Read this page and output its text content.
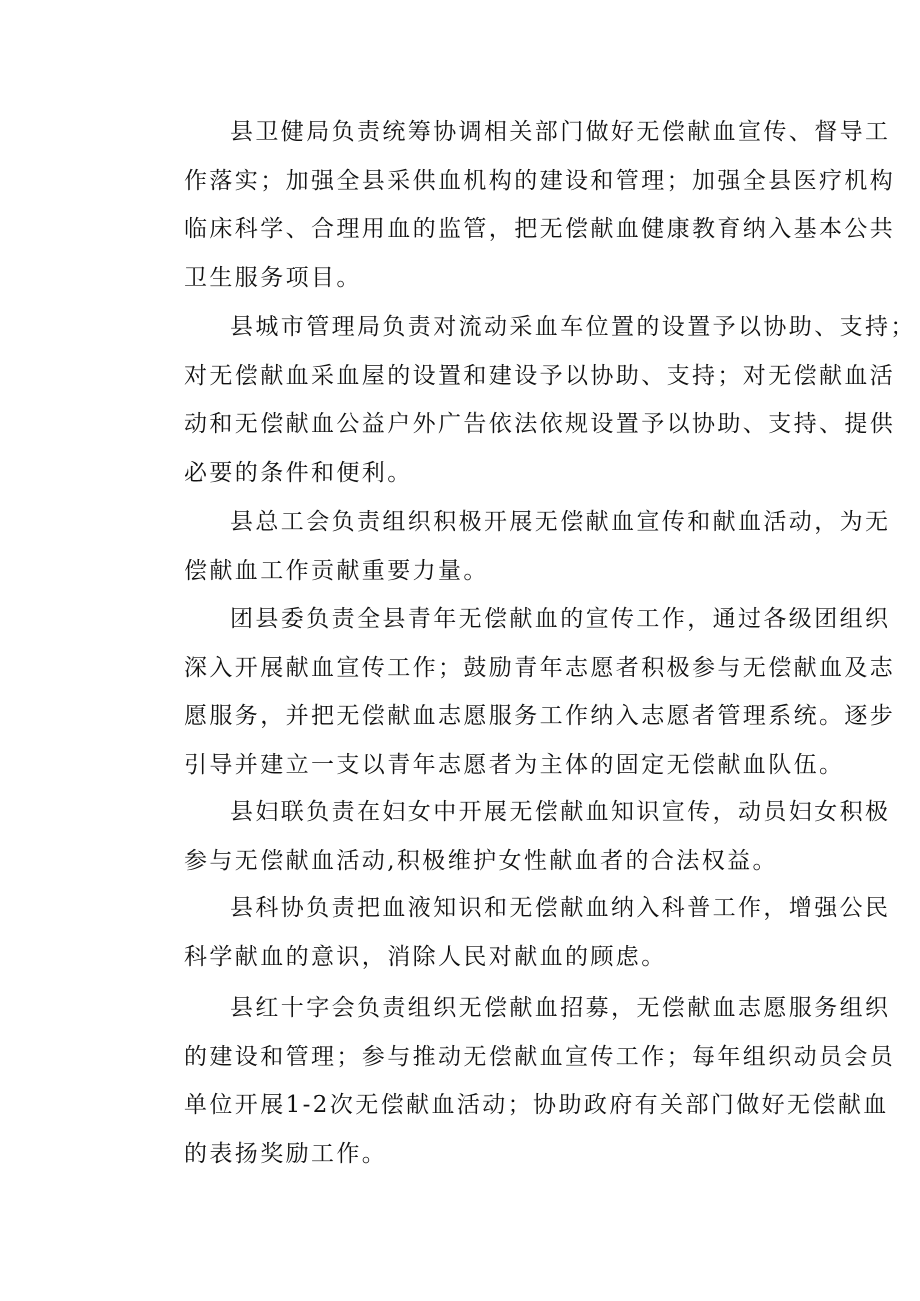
县卫健局负责统筹协调相关部门做好无偿献血宣传、督导工
作落实；加强全县采供血机构的建设和管理；加强全县医疗机构
临床科学、合理用血的监管，把无偿献血健康教育纳入基本公共
卫生服务项目。
县城市管理局负责对流动采血车位置的设置予以协助、支持；
对无偿献血采血屋的设置和建设予以协助、支持；对无偿献血活
动和无偿献血公益户外广告依法依规设置予以协助、支持、提供
必要的条件和便利。
县总工会负责组织积极开展无偿献血宣传和献血活动，为无
偿献血工作贡献重要力量。
团县委负责全县青年无偿献血的宣传工作，通过各级团组织
深入开展献血宣传工作；鼓励青年志愿者积极参与无偿献血及志
愿服务，并把无偿献血志愿服务工作纳入志愿者管理系统。逐步
引导并建立一支以青年志愿者为主体的固定无偿献血队伍。
县妇联负责在妇女中开展无偿献血知识宣传，动员妇女积极
参与无偿献血活动,积极维护女性献血者的合法权益。
县科协负责把血液知识和无偿献血纳入科普工作，增强公民
科学献血的意识，消除人民对献血的顾虑。
县红十字会负责组织无偿献血招募，无偿献血志愿服务组织
的建设和管理；参与推动无偿献血宣传工作；每年组织动员会员
单位开展1-2次无偿献血活动；协助政府有关部门做好无偿献血
的表扬奖励工作。
